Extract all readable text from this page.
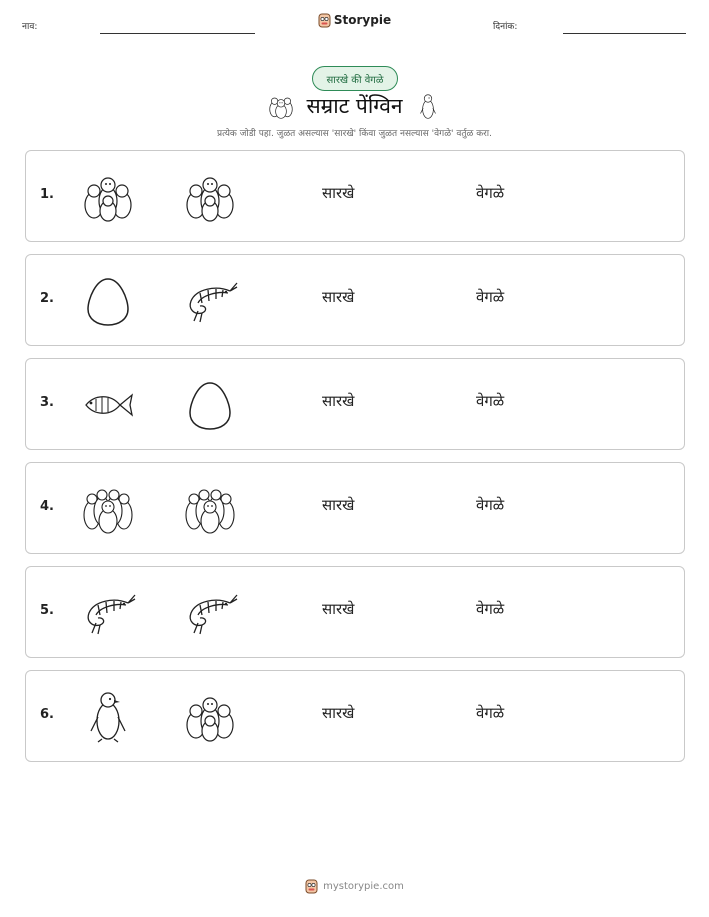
नाव:	Storypie	दिनांक:
सारखे की वेगळे
सम्राट पेंग्विन
प्रत्येक जोडी पहा. जुळत असल्यास 'सारखे' किंवा जुळत नसल्यास 'वेगळे' वर्तुळ करा.
1.	सारखे	वेगळे
2.	सारखे	वेगळे
3.	सारखे	वेगळे
4.	सारखे	वेगळे
5.	सारखे	वेगळे
6.	सारखे	वेगळे
mystorypie.com
